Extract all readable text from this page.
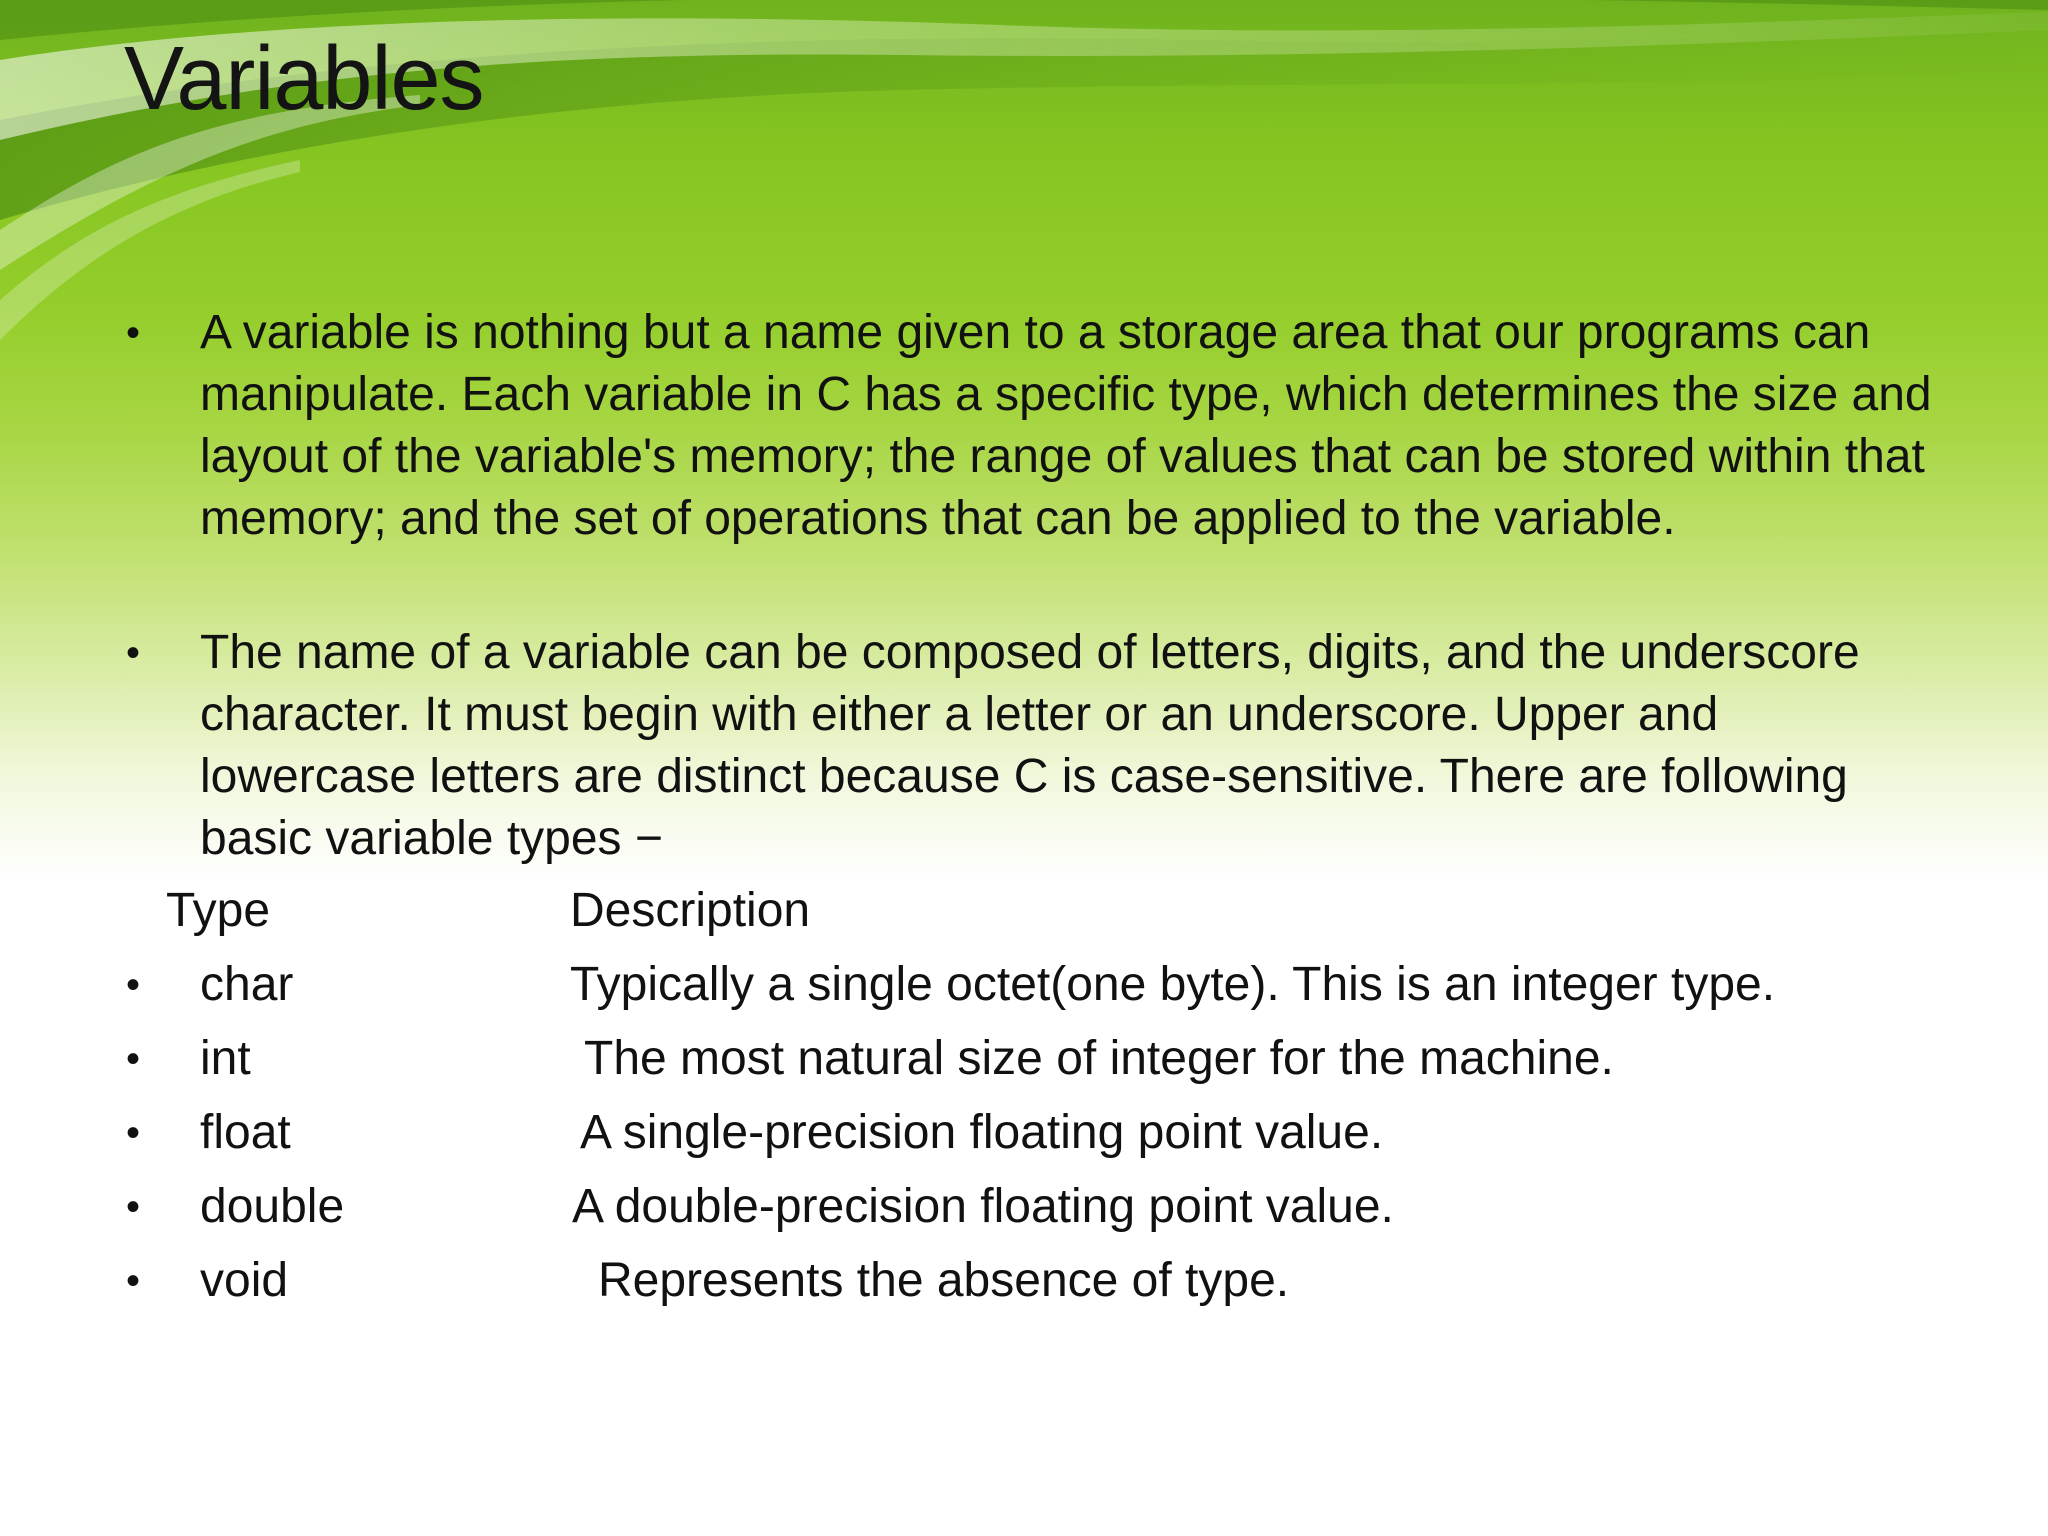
Variables
• A variable is nothing but a name given to a storage area that our programs can manipulate. Each variable in C has a specific type, which determines the size and layout of the variable's memory; the range of values that can be stored within that memory; and the set of operations that can be applied to the variable.
• The name of a variable can be composed of letters, digits, and the underscore character. It must begin with either a letter or an underscore. Upper and lowercase letters are distinct because C is case-sensitive. There are following basic variable types −
Type	Description
• char	Typically a single octet(one byte). This is an integer type.
• int	The most natural size of integer for the machine.
• float	A single-precision floating point value.
• double	A double-precision floating point value.
• void	Represents the absence of type.
